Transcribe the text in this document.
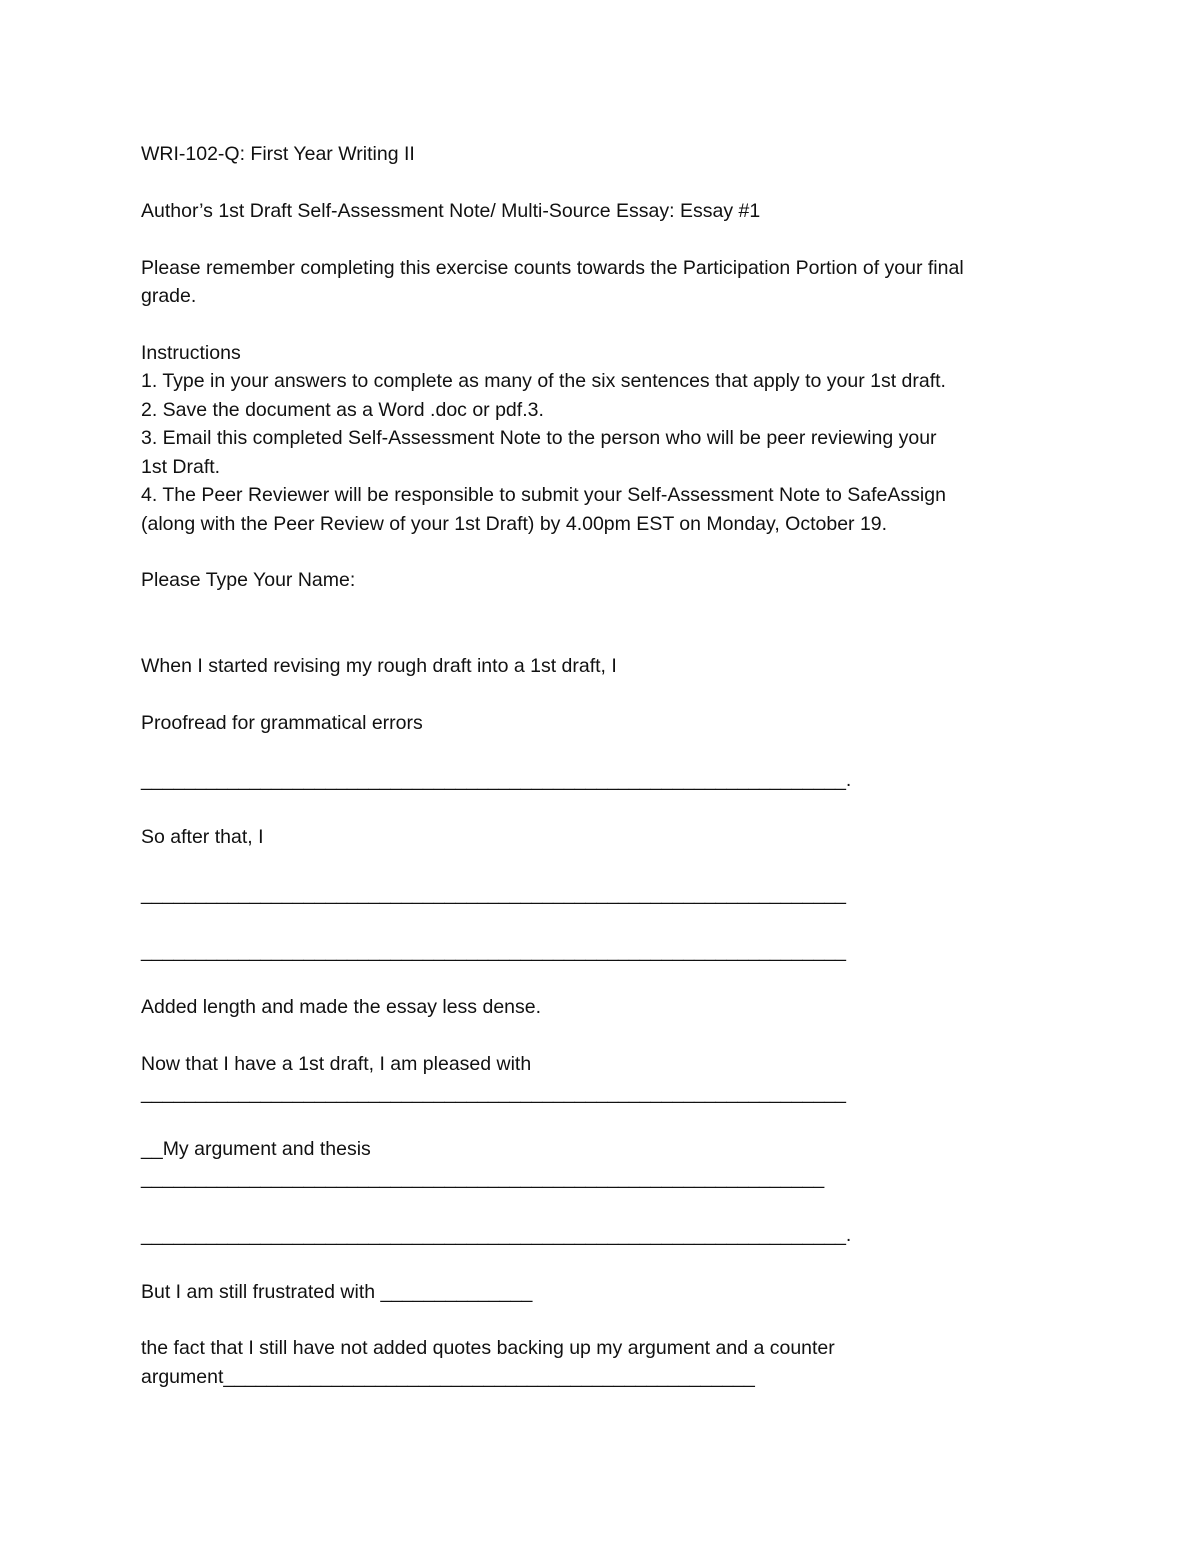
WRI-102-Q: First Year Writing II

Author’s 1st Draft Self-Assessment Note/ Multi-Source Essay: Essay #1

Please remember completing this exercise counts towards the Participation Portion of your final

grade.

Instructions

1. Type in your answers to complete as many of the six sentences that apply to your 1st draft.

2. Save the document as a Word .doc or pdf.3.

3. Email this completed Self-Assessment Note to the person who will be peer reviewing your

1st Draft.

4. The Peer Reviewer will be responsible to submit your Self-Assessment Note to SafeAssign

(along with the Peer Review of your 1st Draft) by 4.00pm EST on Monday, October 19.

Please Type Your Name:

When I started revising my rough draft into a 1st draft, I

Proofread for grammatical errors

_________________________________________________________________.

So after that, I

_________________________________________________________________

_________________________________________________________________

Added length and made the essay less dense.

Now that I have a 1st draft, I am pleased with

_________________________________________________________________

__My argument and thesis

_______________________________________________________________

_________________________________________________________________.

But I am still frustrated with ______________

the fact that I still have not added quotes backing up my argument and a counter

argument_________________________________________________
